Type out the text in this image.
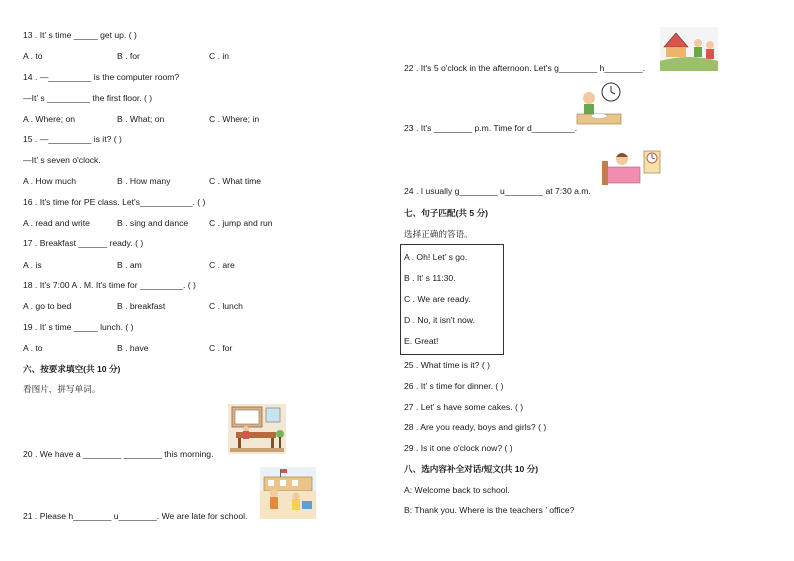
13 . It’ s time _____ get up. ( )
A . to	B . for	C . in
14 . —_________ is the computer room?
—It’ s _________ the first floor. ( )
A . Where; on	B . What; on	C . Where; in
15 . —_________ is it? ( )
—It’ s seven o'clock.
A . How much	B . How many	C . What time
16 . It's time for PE class. Let's___________. ( )
A . read and write	B . sing and dance C . jump and run
17 . Breakfast ______ ready. ( )
A . is	B . am	C . are
18 . It's 7:00 A . M. It's time for _________. ( )
A . go to bed	B . breakfast	C . lunch
19 . It’ s time _____ lunch. ( )
A . to	B . have	C . for
六、按要求填空(共 10 分)
看图片，拼写单词。
20 . We have a ________ ________ this morning.
21 . Please h________ u________. We are late for school.
22 . It's 5 o'clock in the afternoon. Let's g________ h________.
23 . It's ________ p.m. Time for d_________.
24 . I usually g________ u________ at 7:30 a.m.
七、句子匹配(共 5 分)
选择正确的答语。
A . Oh! Let’ s go.
B . It’ s 11:30.
C . We are ready.
D . No, it isn't now.
E. Great!
25 . What time is it? ( )
26 . It’ s time for dinner. ( )
27 . Let’ s have some cakes. ( )
28 . Are you ready, boys and girls? ( )
29 . Is it one o'clock now? ( )
八、选内容补全对话/短文(共 10 分)
A: Welcome back to school.
B: Thank you. Where is the teachers ’ office?
